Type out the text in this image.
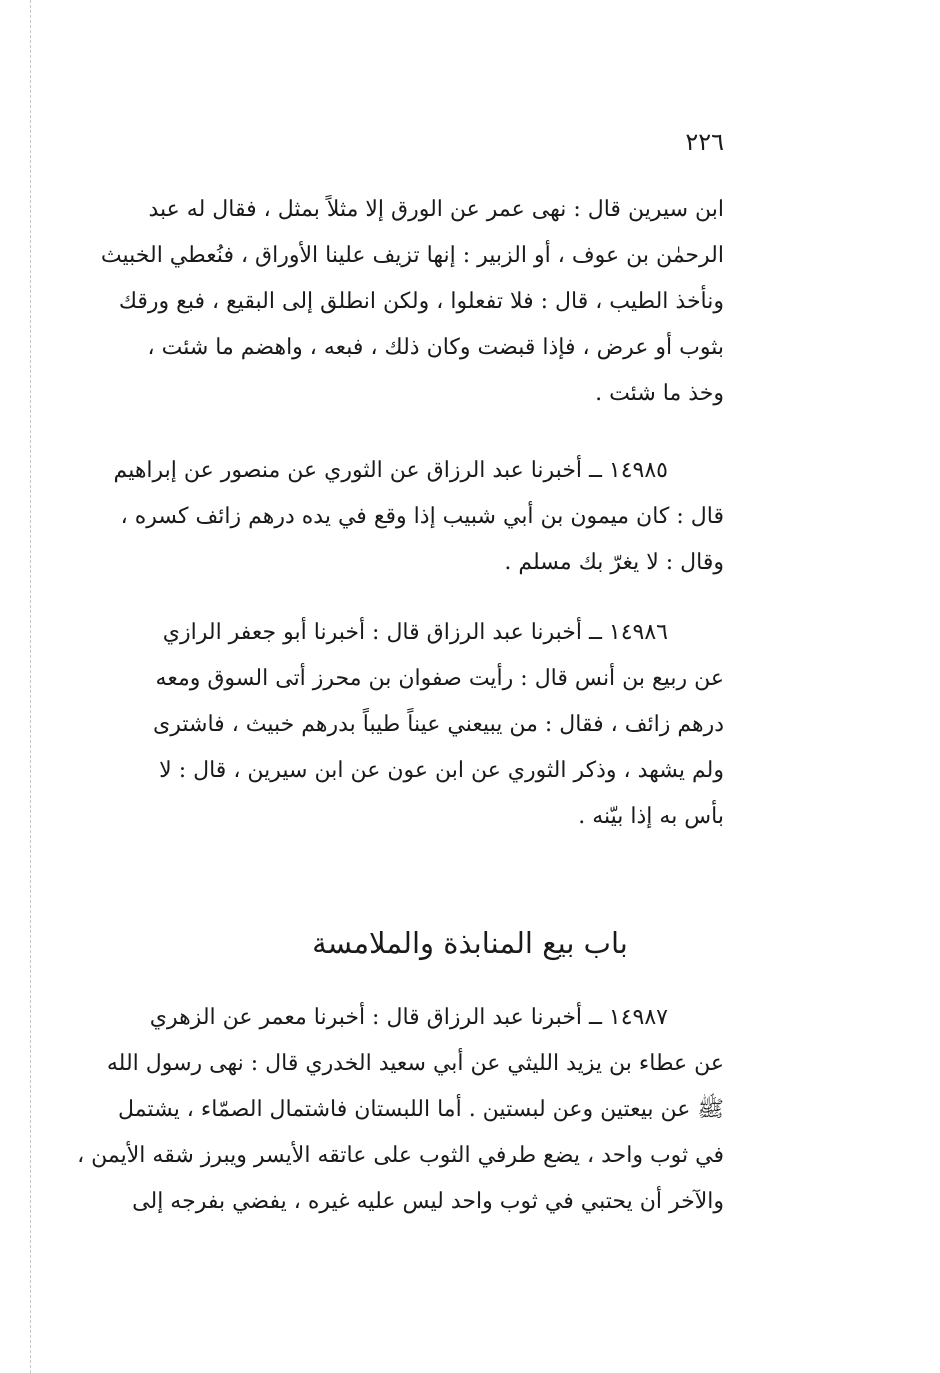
٢٢٦
ابن سيرين قال : نهى عمر عن الورق إلا مثلاً بمثل ، فقال له عبد
الرحمٰن بن عوف ، أو الزبير : إنها تزيف علينا الأوراق ، فنُعطي الخبيث
ونأخذ الطيب ، قال : فلا تفعلوا ، ولكن انطلق إلى البقيع ، فبع ورقك
بثوب أو عرض ، فإذا قبضت وكان ذلك ، فبعه ، واهضم ما شئت ،
وخذ ما شئت .
١٤٩٨٥ ــ أخبرنا عبد الرزاق عن الثوري عن منصور عن إبراهيم
قال : كان ميمون بن أبي شبيب إذا وقع في يده درهم زائف كسره ،
وقال : لا يغرّ بك مسلم .
١٤٩٨٦ ــ أخبرنا عبد الرزاق قال : أخبرنا أبو جعفر الرازي
عن ربيع بن أنس قال : رأيت صفوان بن محرز أتى السوق ومعه
درهم زائف ، فقال : من يبيعني عيناً طيباً بدرهم خبيث ، فاشترى
ولم يشهد ، وذكر الثوري عن ابن عون عن ابن سيرين ، قال : لا
بأس به إذا بيّنه .
باب بيع المنابذة والملامسة
١٤٩٨٧ ــ أخبرنا عبد الرزاق قال : أخبرنا معمر عن الزهري
عن عطاء بن يزيد الليثي عن أبي سعيد الخدري قال : نهى رسول الله
ﷺ عن بيعتين وعن لبستين . أما اللبستان فاشتمال الصمّاء ، يشتمل
في ثوب واحد ، يضع طرفي الثوب على عاتقه الأيسر ويبرز شقه الأيمن ،
والآخر أن يحتبي في ثوب واحد ليس عليه غيره ، يفضي بفرجه إلى
